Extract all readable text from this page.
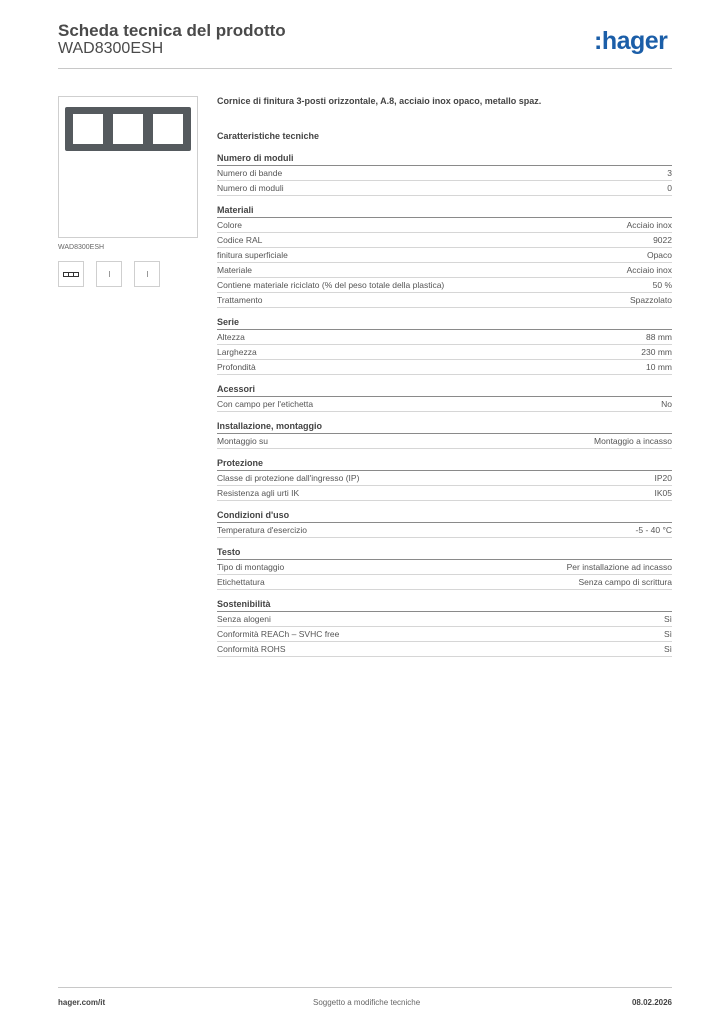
Scheda tecnica del prodotto
WAD8300ESH	:hager
WAD8300ESH
Cornice di finitura 3-posti orizzontale, A.8, acciaio inox opaco, metallo spaz.
Caratteristiche tecniche
Numero di moduli
Numero di bande	3
Numero di moduli	0
Materiali
Colore	Acciaio inox
Codice RAL	9022
finitura superficiale	Opaco
Materiale	Acciaio inox
Contiene materiale riciclato (% del peso totale della plastica)	50 %
Trattamento	Spazzolato
Serie
Altezza	88 mm
Larghezza	230 mm
Profondità	10 mm
Acessori
Con campo per l'etichetta	No
Installazione, montaggio
Montaggio su	Montaggio a incasso
Protezione
Classe di protezione dall'ingresso (IP)	IP20
Resistenza agli urti IK	IK05
Condizioni d'uso
Temperatura d'esercizio	-5 - 40 °C
Testo
Tipo di montaggio	Per installazione ad incasso
Etichettatura	Senza campo di scrittura
Sostenibilità
Senza alogeni	Sì
Conformità REACh – SVHC free	Sì
Conformità ROHS	Sì
hager.com/it	Soggetto a modifiche tecniche	08.02.2026
